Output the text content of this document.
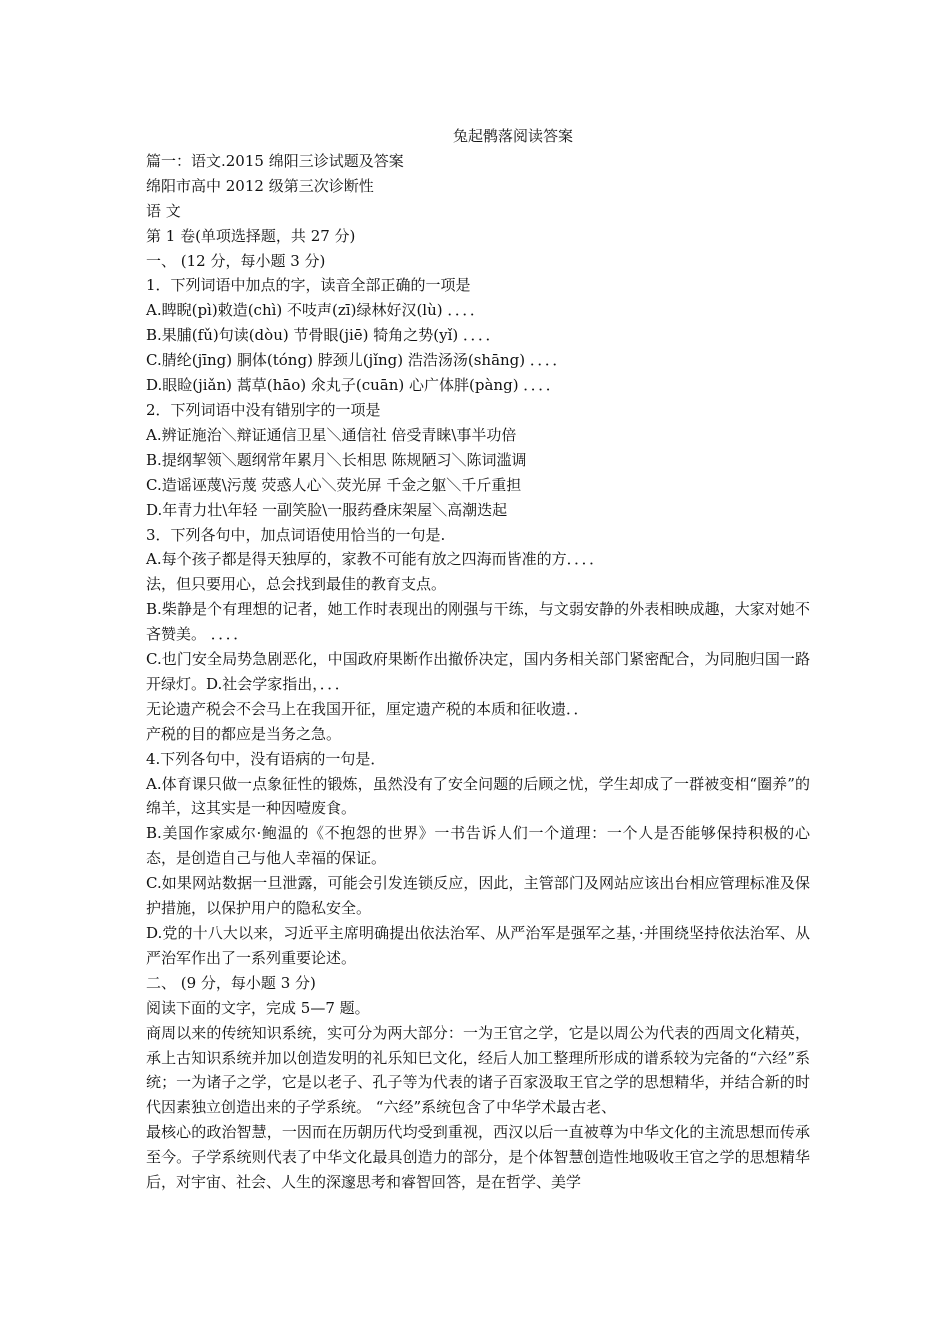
兔起鹘落阅读答案

篇一：语文.2015 绵阳三诊试题及答案

绵阳市高中 2012 级第三次诊断性

语 文

第 1 卷(单项选择题，共 27 分)

一、 (12 分，每小题 3 分)

1．下列词语中加点的字，读音全部正确的一项是

A.睥睨(pì)敕造(chì) 不吱声(zī)绿林好汉(lù) ．．．．

B.果脯(fǔ)句读(dòu) 节骨眼(jiē) 犄角之势(yǐ) ．．．．

C.腈纶(jīng) 胴体(tóng) 脖颈儿(jǐng) 浩浩汤汤(shāng) ．．．．

D.眼睑(jiǎn) 蒿草(hāo) 氽丸子(cuān) 心广体胖(pàng) ．．．．

2．下列词语中没有错别字的一项是

A.辨证施治＼辩证通信卫星＼通信社 倍受青睐\事半功倍

B.提纲挈领＼题纲常年累月＼长相思 陈规陋习＼陈词滥调

C.造谣诬蔑\污蔑 荧惑人心＼荧光屏 千金之躯＼千斤重担

D.年青力壮\年轻 一副笑脸\一服药叠床架屋＼高潮迭起

3．下列各句中，加点词语使用恰当的一句是.

A.每个孩子都是得天独厚的，家教不可能有放之四海而皆准的方．．．．

法，但只要用心，总会找到最佳的教育支点。

B.柴静是个有理想的记者，她工作时表现出的刚强与干练，与文弱安静的外表相映成趣，大家对她不吝赞美。 ．．．．

C.也门安全局势急剧恶化，中国政府果断作出撤侨决定，国内务相关部门紧密配合，为同胞归国一路开绿灯。D.社会学家指出，．．．

无论遗产税会不会马上在我国开征，厘定遗产税的本质和征收遗．．

产税的目的都应是当务之急。

4.下列各句中，没有语病的一句是．

A.体育课只做一点象征性的锻炼，虽然没有了安全问题的后顾之忧，学生却成了一群被变相“圈养”的绵羊，这其实是一种因噎废食。

B.美国作家威尔·鲍温的《不抱怨的世界》一书告诉人们一个道理：一个人是否能够保持积极的心态，是创造自己与他人幸福的保证。

C.如果网站数据一旦泄露，可能会引发连锁反应，因此，主管部门及网站应该出台相应管理标准及保护措施，以保护用户的隐私安全。

D.党的十八大以来，习近平主席明确提出依法治军、从严治军是强军之基，·并围绕坚持依法治军、从严治军作出了一系列重要论述。

二、 (9 分，每小题 3 分)

阅读下面的文字，完成 5—7 题。

商周以来的传统知识系统，实可分为两大部分：一为王官之学，它是以周公为代表的西周文化精英，承上古知识系统并加以创造发明的礼乐知巳文化，经后人加工整理所形成的谱系较为完备的“六经”系统；一为诸子之学，它是以老子、孔子等为代表的诸子百家汲取王官之学的思想精华，并结合新的时代因素独立创造出来的子学系统。 “六经”系统包含了中华学术最古老、

最核心的政治智慧，一因而在历朝历代均受到重视，西汉以后一直被尊为中华文化的主流思想而传承至今。子学系统则代表了中华文化最具创造力的部分，是个体智慧创造性地吸收王官之学的思想精华后，对宇宙、社会、人生的深邃思考和睿智回答，是在哲学、美学
